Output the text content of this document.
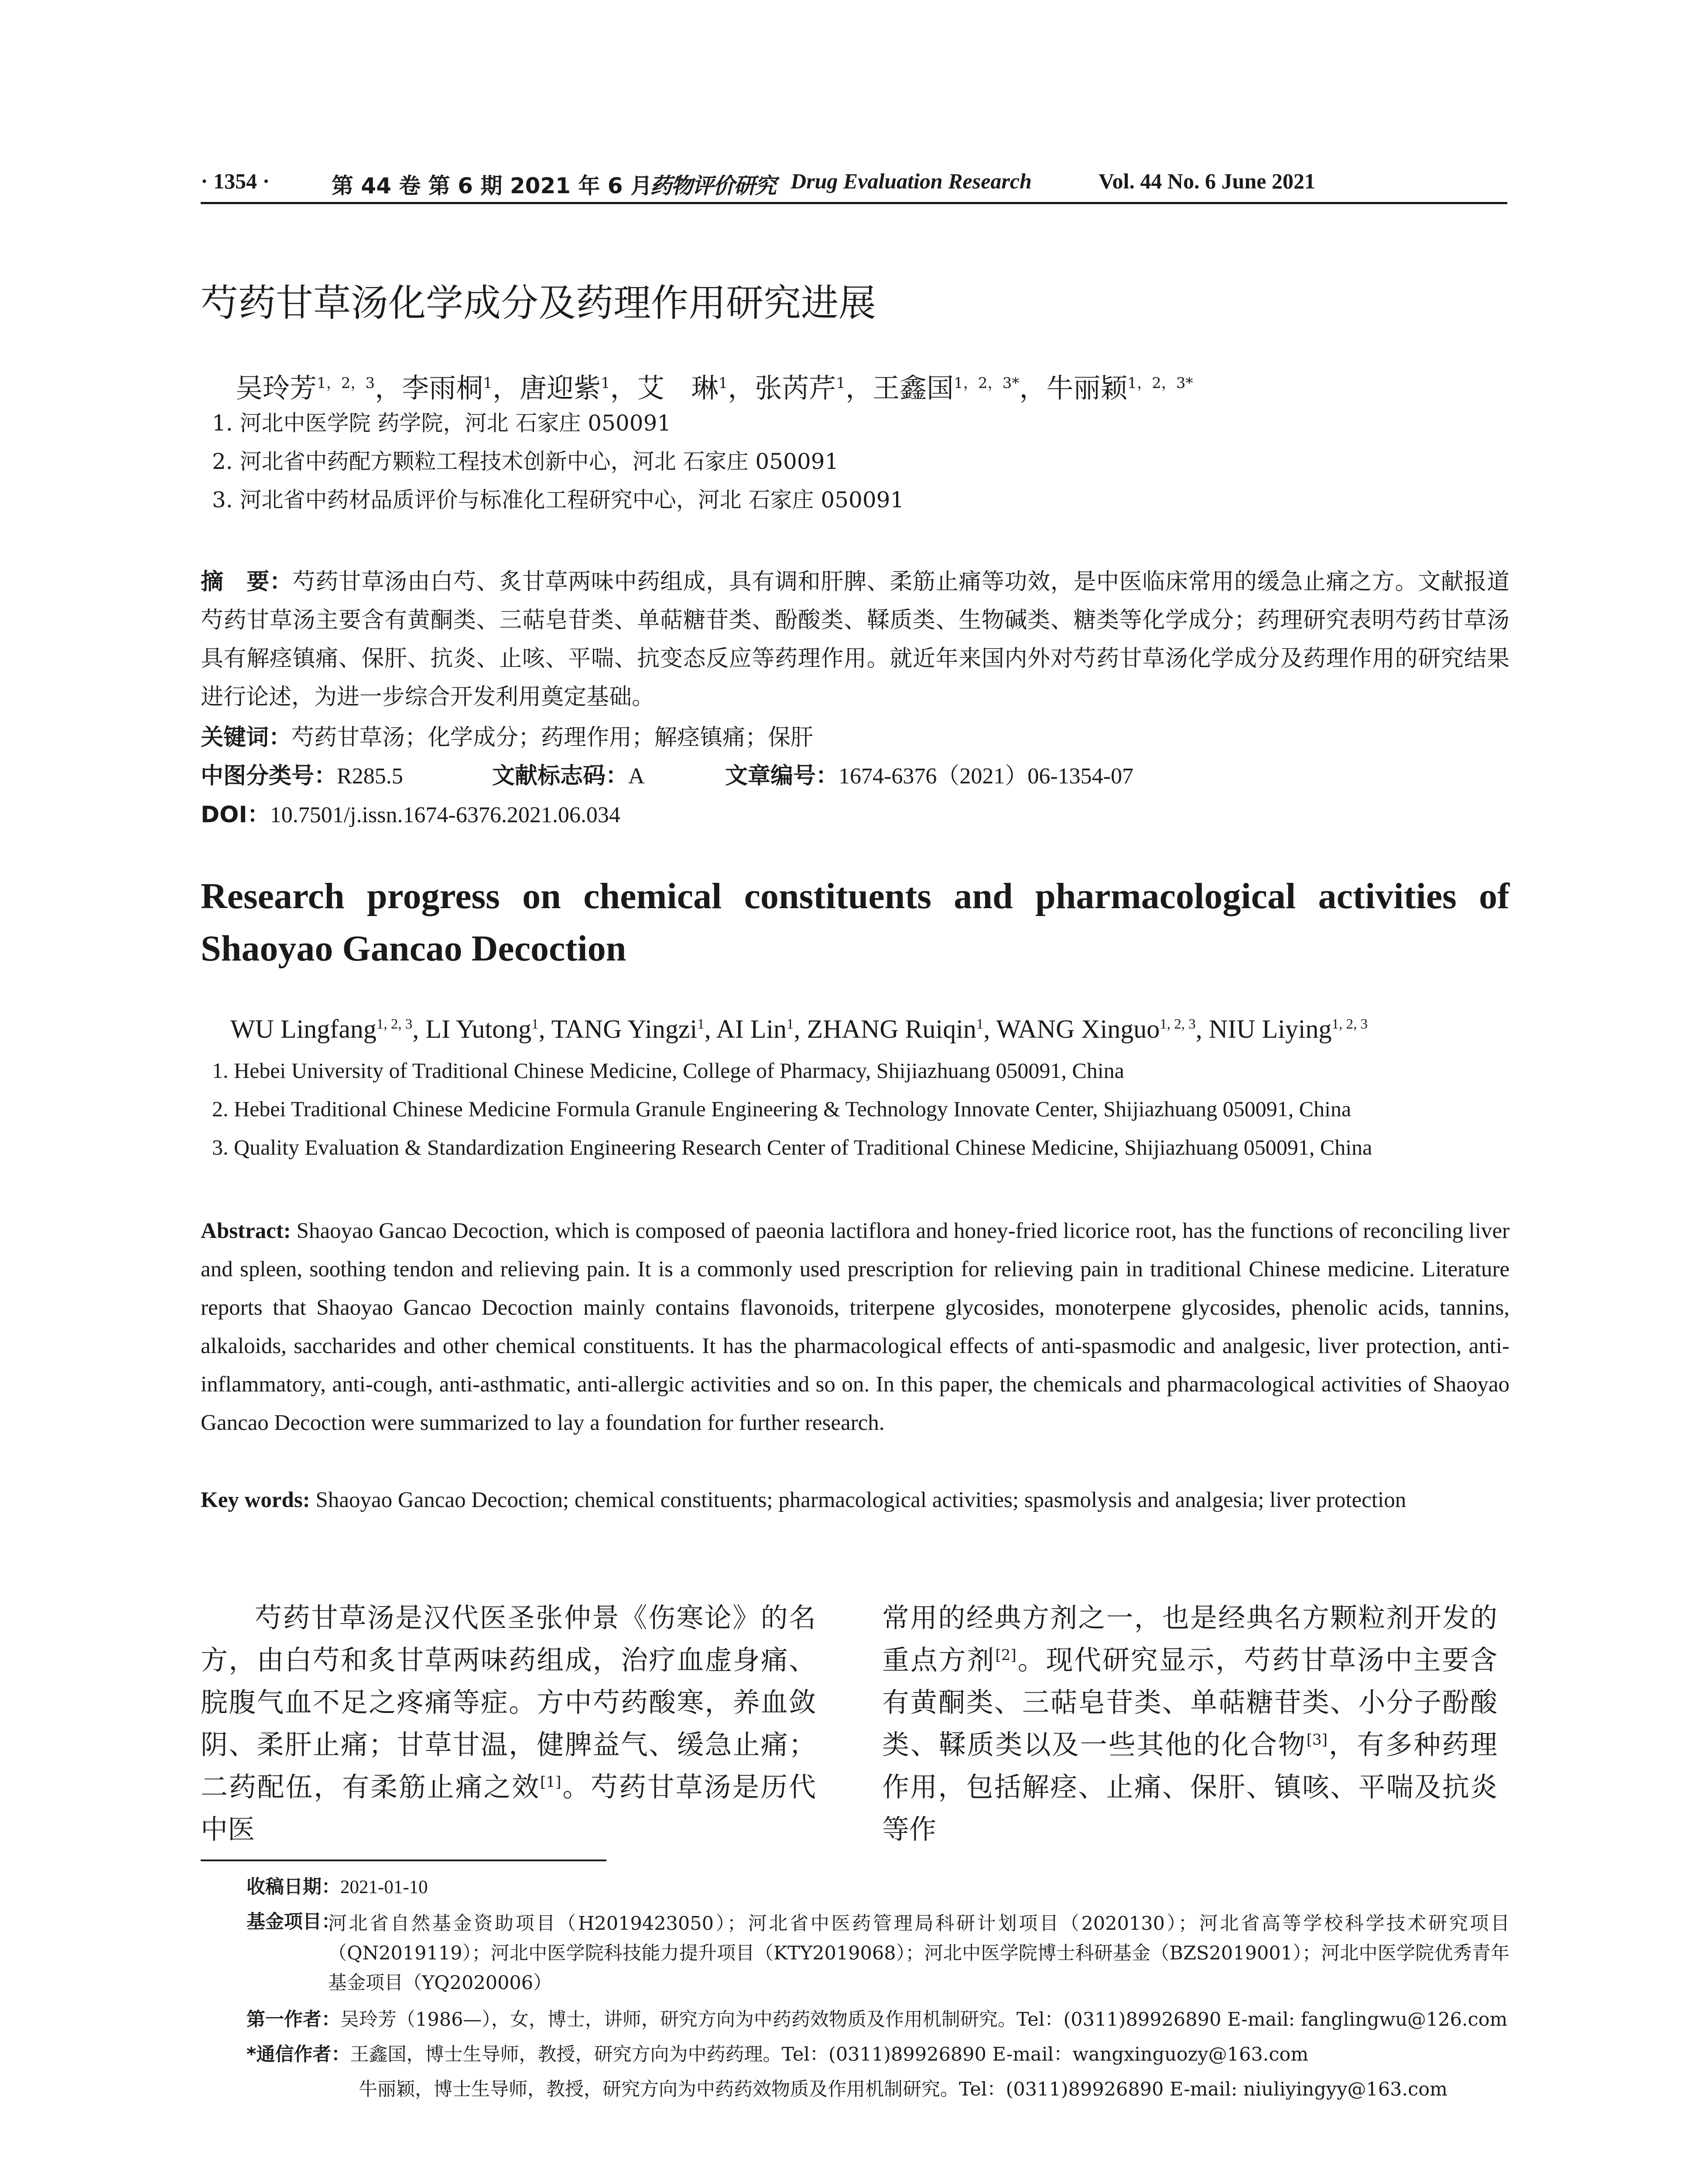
· 1354 ·	第 44 卷 第 6 期 2021 年 6 月
药物评价研究 Drug Evaluation Research	Vol. 44 No. 6 June 2021
芍药甘草汤化学成分及药理作用研究进展
吴玲芳$^{1,2,3}$，李雨桐$^1$，唐迎紫$^1$，艾　琳$^1$，张芮芹$^1$，王鑫国$^{1,2,3*}$，牛丽颖$^{1,2,3*}$
1. 河北中医学院 药学院，河北 石家庄 050091
2. 河北省中药配方颗粒工程技术创新中心，河北 石家庄 050091
3. 河北省中药材品质评价与标准化工程研究中心，河北 石家庄 050091
摘　要：芍药甘草汤由白芍、炙甘草两味中药组成，具有调和肝脾、柔筋止痛等功效，是中医临床常用的缓急止痛之方。文献报道芍药甘草汤主要含有黄酮类、三萜皂苷类、单萜糖苷类、酚酸类、鞣质类、生物碱类、糖类等化学成分；药理研究表明芍药甘草汤具有解痉镇痛、保肝、抗炎、止咳、平喘、抗变态反应等药理作用。就近年来国内外对芍药甘草汤化学成分及药理作用的研究结果进行论述，为进一步综合开发利用奠定基础。
关键词：芍药甘草汤；化学成分；药理作用；解痉镇痛；保肝
中图分类号：R285.5	文献标志码：A	文章编号：1674-6376（2021）06-1354-07
DOI：10.7501/j.issn.1674-6376.2021.06.034
Research progress on chemical constituents and pharmacological activities of Shaoyao Gancao Decoction
WU Lingfang$^{1, 2, 3}$, LI Yutong$^1$, TANG Yingzi$^1$, AI Lin$^1$, ZHANG Ruiqin$^1$, WANG Xinguo$^{1, 2, 3}$, NIU Liying$^{1, 2, 3}$
1. Hebei University of Traditional Chinese Medicine, College of Pharmacy, Shijiazhuang 050091, China
2. Hebei Traditional Chinese Medicine Formula Granule Engineering & Technology Innovate Center, Shijiazhuang 050091, China
3. Quality Evaluation & Standardization Engineering Research Center of Traditional Chinese Medicine, Shijiazhuang 050091, China
Abstract: Shaoyao Gancao Decoction, which is composed of paeonia lactiflora and honey-fried licorice root, has the functions of reconciling liver and spleen, soothing tendon and relieving pain. It is a commonly used prescription for relieving pain in traditional Chinese medicine. Literature reports that Shaoyao Gancao Decoction mainly contains flavonoids, triterpene glycosides, monoterpene glycosides, phenolic acids, tannins, alkaloids, saccharides and other chemical constituents. It has the pharmacological effects of anti-spasmodic and analgesic, liver protection, anti-inflammatory, anti-cough, anti-asthmatic, anti-allergic activities and so on. In this paper, the chemicals and pharmacological activities of Shaoyao Gancao Decoction were summarized to lay a foundation for further research.
Key words: Shaoyao Gancao Decoction; chemical constituents; pharmacological activities; spasmolysis and analgesia; liver protection
芍药甘草汤是汉代医圣张仲景《伤寒论》的名方，由白芍和炙甘草两味药组成，治疗血虚身痛、脘腹气血不足之疼痛等症。方中芍药酸寒，养血敛阴、柔肝止痛；甘草甘温，健脾益气、缓急止痛；二药配伍，有柔筋止痛之效[1]。芍药甘草汤是历代中医
常用的经典方剂之一，也是经典名方颗粒剂开发的重点方剂[2]。现代研究显示，芍药甘草汤中主要含有黄酮类、三萜皂苷类、单萜糖苷类、小分子酚酸类、鞣质类以及一些其他的化合物[3]，有多种药理作用，包括解痉、止痛、保肝、镇咳、平喘及抗炎等作
收稿日期：2021-01-10
基金项目：
河北省自然基金资助项目（H2019423050）；河北省中医药管理局科研计划项目（2020130）；河北省高等学校科学技术研究项目（QN2019119）；河北中医学院科技能力提升项目（KTY2019068）；河北中医学院博士科研基金（BZS2019001）；河北中医学院优秀青年基金项目（YQ2020006）
第一作者：吴玲芳（1986—），女，博士，讲师，研究方向为中药药效物质及作用机制研究。Tel：(0311)89926890 E-mail: fanglingwu@126.com
*通信作者：王鑫国，博士生导师，教授，研究方向为中药药理。Tel：(0311)89926890 E-mail：wangxinguozy@163.com
牛丽颖，博士生导师，教授，研究方向为中药药效物质及作用机制研究。Tel：(0311)89926890 E-mail: niuliyingyy@163.com
